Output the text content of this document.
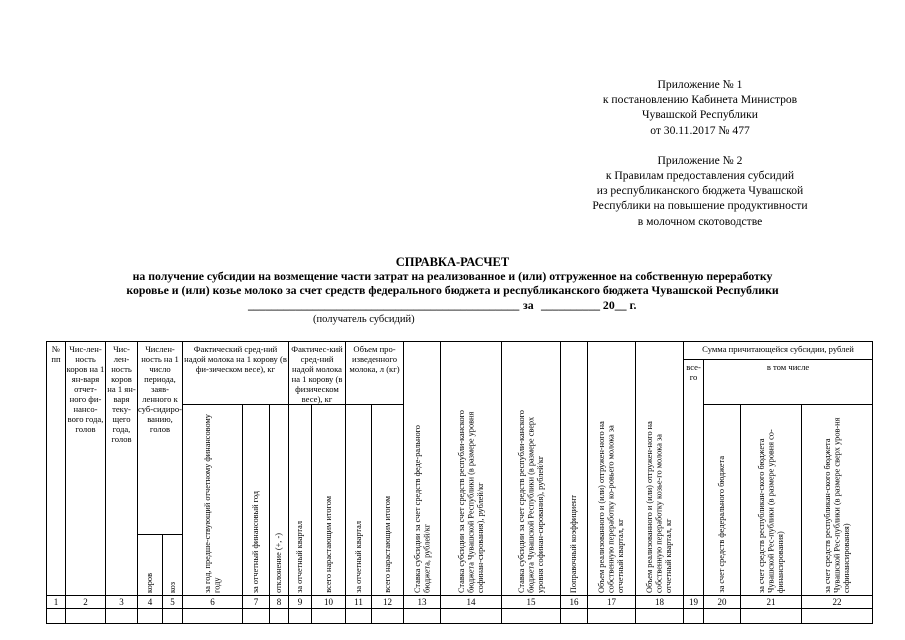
Приложение № 1
к постановлению Кабинета Министров
Чувашской Республики
от 30.11.2017 № 477
Приложение № 2
к Правилам предоставления субсидий
из республиканского бюджета Чувашской
Республики на повышение продуктивности
в молочном скотоводстве
СПРАВКА-РАСЧЕТ
на получение субсидии на возмещение части затрат на реализованное и (или) отгруженное на собственную переработку
коровье и (или) козье молоко за счет средств федерального бюджета и республиканского бюджета Чувашской Республики
______________________________________________ за __________ 20__ г.
(получатель субсидий)
№ пп	Чис-лен-ность коров на 1 ян-варя отчет-ного фи-нансо-вого года, голов	Чис-лен-ность коров на 1 ян-варя теку-щего года, голов	Числен-ность на 1 число периода, заяв-ленного к суб-сидиро-ванию, голов		Фактический сред-ний надой молока на 1 корову (в фи-зическом весе), кг			Фактичес-кий сред-ний надой молока на 1 корову (в физическом весе), кг		Объем про-изведенного молока, л (кг)		Ставка субсидии за счет средств феде-рального бюджета, рублей/кг	Ставка субсидии за счет средств республи-канского бюджета Чувашской Республики (в размере уровня софинан-сирования), рублей/кг	Ставка субсидии за счет средств республи-канского бюджета Чувашской Республики (в размере сверх уровня софинан-сирования), рублей/кг	Поправочный коэффициент	Объем реализованного и (или) отгружен-ного на собственную переработку ко-ровьего молока за отчетный квартал, кг	Объем реализованного и (или) отгружен-ного на собственную переработку козье-го молока за отчетный квартал, кг	Сумма причитающейся субсидии, рублей			
																		все-го	в том числе		

					за год, предше-ствующий отчетному финансовому году	за отчетный финансовый год	отклонение (+, -)	за отчетный квартал	всего нарастающим итогом	за отчетный квартал	всего нарастающим итогом								за счет средств федерального бюджета	за счет средств республикан-ского бюджета Чувашской Рес-публики (в размере уровня со-финансирования)	за счет средств республикан-ского бюджета Чувашской Рес-публики (в размере сверх уров-ня софинансирования)

			коров	коз																	

1	2	3	4	5	6	7	8	9	10	11	12	13	14	15	16	17	18	19	20	21	22
